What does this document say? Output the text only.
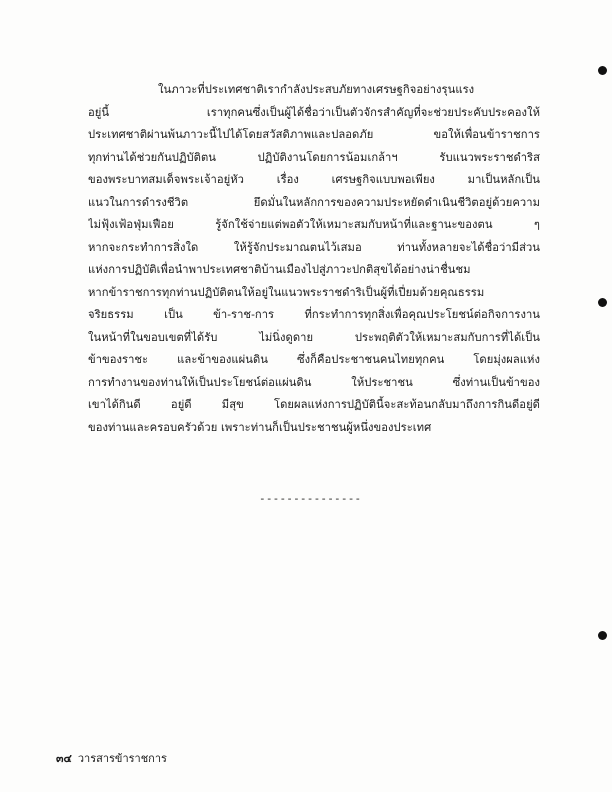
ในภาวะที่ประเทศชาติเรากำลังประสบภัยทางเศรษฐกิจอย่างรุนแรง
อยู่นี้ เราทุกคนซึ่งเป็นผู้ได้ชื่อว่าเป็นตัวจักรสำคัญที่จะช่วยประคับประคองให้
ประเทศชาติผ่านพ้นภาวะนี้ไปได้โดยสวัสดิภาพและปลอดภัย ขอให้เพื่อนข้าราชการ
ทุกท่านได้ช่วยกันปฏิบัติตน ปฏิบัติงานโดยการน้อมเกล้าฯ รับแนวพระราชดำริส
ของพระบาทสมเด็จพระเจ้าอยู่หัว เรื่อง เศรษฐกิจแบบพอเพียง มาเป็นหลักเป็น
แนวในการดำรงชีวิต ยึดมั่นในหลักการของความประหยัดดำเนินชีวิตอยู่ด้วยความ
ไม่ฟุ้งเฟ้อฟุ่มเฟือย รู้จักใช้จ่ายแต่พอตัวให้เหมาะสมกับหน้าที่และฐานะของตน ๆ
หากจะกระทำการสิ่งใด ให้รู้จักประมาณตนไว้เสมอ ท่านทั้งหลายจะได้ชื่อว่ามีส่วน
แห่งการปฏิบัติเพื่อนำพาประเทศชาติบ้านเมืองไปสู่ภาวะปกติสุขได้อย่างน่าชื่นชม
หากข้าราชการทุกท่านปฏิบัติตนให้อยู่ในแนวพระราชดำริเป็นผู้ที่เปี่ยมด้วยคุณธรรม
จริยธรรม เป็น ข้า-ราช-การ ที่กระทำการทุกสิ่งเพื่อคุณประโยชน์ต่อกิจการงาน
ในหน้าที่ในขอบเขตที่ได้รับ ไม่นิ่งดูดาย ประพฤติตัวให้เหมาะสมกับการที่ได้เป็น
ข้าของราชะ และข้าของแผ่นดิน ซึ่งก็คือประชาชนคนไทยทุกคน โดยมุ่งผลแห่ง
การทำงานของท่านให้เป็นประโยชน์ต่อแผ่นดิน ให้ประชาชน ซึ่งท่านเป็นข้าของ
เขาได้กินดี อยู่ดี มีสุข โดยผลแห่งการปฏิบัตินี้จะสะท้อนกลับมาถึงการกินดีอยู่ดี
ของท่านและครอบครัวด้วย เพราะท่านก็เป็นประชาชนผู้หนึ่งของประเทศ
---------------
๓๔ วารสารข้าราชการ
